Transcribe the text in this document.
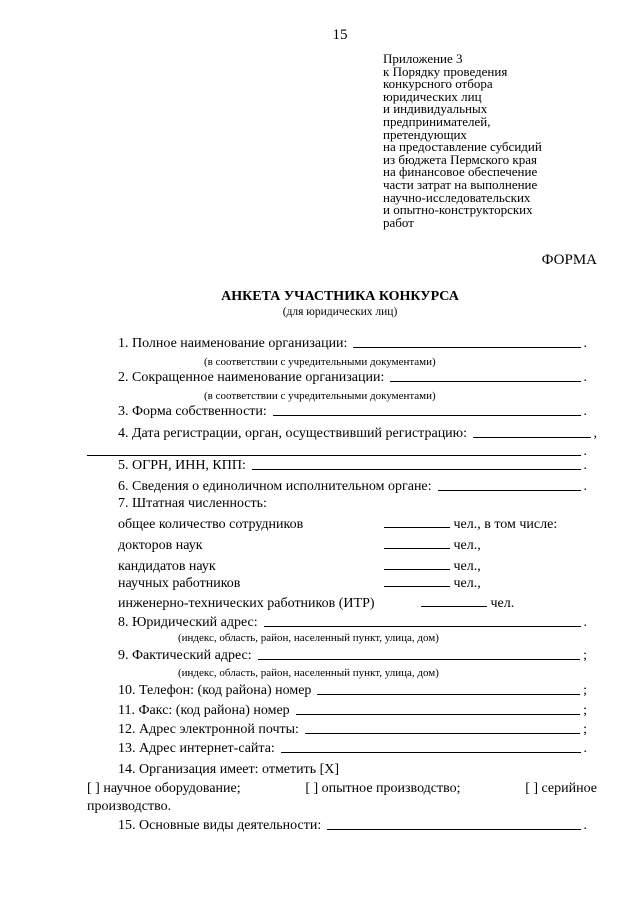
15
Приложение 3
к Порядку проведения
конкурсного отбора
юридических лиц
и индивидуальных
предпринимателей,
претендующих
на предоставление субсидий
из бюджета Пермского края
на финансовое обеспечение
части затрат на выполнение
научно-исследовательских
и опытно-конструкторских
работ
ФОРМА
АНКЕТА УЧАСТНИКА КОНКУРСА
(для юридических лиц)
1. Полное наименование организации:	.
(в соответствии с учредительными документами)
2. Сокращенное наименование организации:	.
(в соответствии с учредительными документами)
3. Форма собственности:	.
4. Дата регистрации, орган, осуществивший регистрацию:	,
.
5. ОГРН, ИНН, КПП:	.
6. Сведения о единоличном исполнительном органе:	.
7. Штатная численность:
общее количество сотрудников	чел., в том числе:
докторов наук	чел.,
кандидатов наук	чел.,
научных работников	чел.,
инженерно-технических работников (ИТР)	чел.
8. Юридический адрес:	.
(индекс, область, район, населенный пункт, улица, дом)
9. Фактический адрес:	;
(индекс, область, район, населенный пункт, улица, дом)
10. Телефон: (код района) номер	;
11. Факс: (код района) номер	;
12. Адрес электронной почты:	;
13. Адрес интернет-сайта:	.
14. Организация имеет: отметить [X]
[ ] научное оборудование;	[ ] опытное производство;	[ ] серийное
производство.
15. Основные виды деятельности:	.
